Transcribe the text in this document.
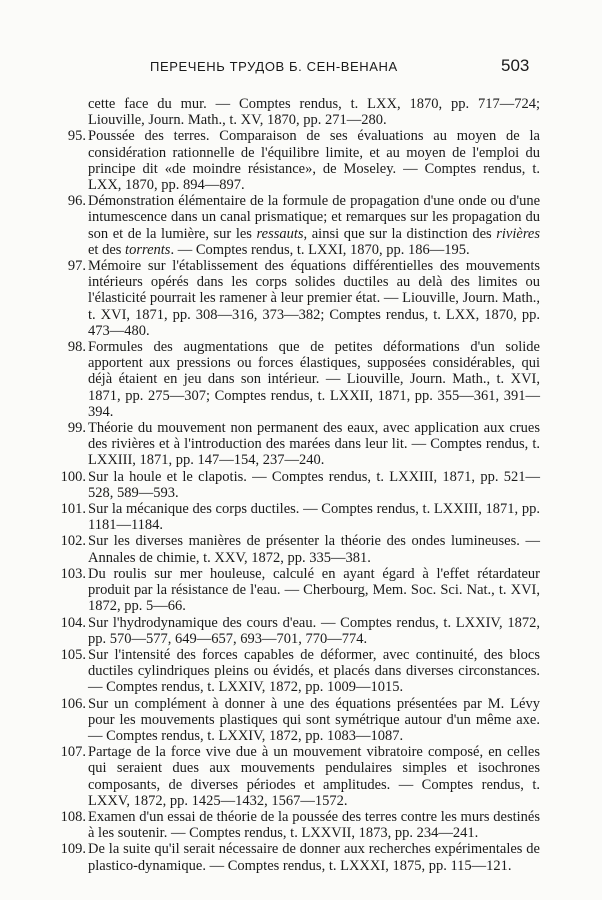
ПЕРЕЧЕНЬ ТРУДОВ Б. СЕН-ВЕНАНА	503
cette face du mur. — Comptes rendus, t. LXX, 1870, pp. 717—724; Liouville, Journ. Math., t. XV, 1870, pp. 271—280.
95 . Poussée des terres. Comparaison de ses évaluations au moyen de la considération rationnelle de l'équilibre limite, et au moyen de l'emploi du principe dit «de moindre résistance», de Moseley. — Comptes rendus, t. LXX, 1870, pp. 894—897.
96 . Démonstration élémentaire de la formule de propagation d'une onde ou d'une intumescence dans un canal prismatique; et remarques sur les propagation du son et de la lumière, sur les ressauts, ainsi que sur la distinction des rivières et des torrents. — Comptes rendus, t. LXXI, 1870, pp. 186—195.
97 . Mémoire sur l'établissement des équations différentielles des mouvements intérieurs opérés dans les corps solides ductiles au delà des limites ou l'élasticité pourrait les ramener à leur premier état. — Liouville, Journ. Math., t. XVI, 1871, pp. 308—316, 373—382; Comptes rendus, t. LXX, 1870, pp. 473—480.
98 . Formules des augmentations que de petites déformations d'un solide apportent aux pressions ou forces élastiques, supposées considérables, qui déjà étaient en jeu dans son intérieur. — Liouville, Journ. Math., t. XVI, 1871, pp. 275—307; Comptes rendus, t. LXXII, 1871, pp. 355—361, 391—394.
99 . Théorie du mouvement non permanent des eaux, avec application aux crues des rivières et à l'introduction des marées dans leur lit. — Comptes rendus, t. LXXIII, 1871, pp. 147—154, 237—240.
100 . Sur la houle et le clapotis. — Comptes rendus, t. LXXIII, 1871, pp. 521—528, 589—593.
101 . Sur la mécanique des corps ductiles. — Comptes rendus, t. LXXIII, 1871, pp. 1181—1184.
102 . Sur les diverses manières de présenter la théorie des ondes lumineuses. — Annales de chimie, t. XXV, 1872, pp. 335—381.
103 . Du roulis sur mer houleuse, calculé en ayant égard à l'effet rétardateur produit par la résistance de l'eau. — Cherbourg, Mem. Soc. Sci. Nat., t. XVI, 1872, pp. 5—66.
104 . Sur l'hydrodynamique des cours d'eau. — Comptes rendus, t. LXXIV, 1872, pp. 570—577, 649—657, 693—701, 770—774.
105 . Sur l'intensité des forces capables de déformer, avec continuité, des blocs ductiles cylindriques pleins ou évidés, et placés dans diverses circonstances. — Comptes rendus, t. LXXIV, 1872, pp. 1009—1015.
106 . Sur un complément à donner à une des équations présentées par M. Lévy pour les mouvements plastiques qui sont symétrique autour d'un même axe. — Comptes rendus, t. LXXIV, 1872, pp. 1083—1087.
107 . Partage de la force vive due à un mouvement vibratoire composé, en celles qui seraient dues aux mouvements pendulaires simples et isochrones composants, de diverses périodes et amplitudes. — Comptes rendus, t. LXXV, 1872, pp. 1425—1432, 1567—1572.
108 . Examen d'un essai de théorie de la poussée des terres contre les murs destinés à les soutenir. — Comptes rendus, t. LXXVII, 1873, pp. 234—241.
109 . De la suite qu'il serait nécessaire de donner aux recherches expérimentales de plastico-dynamique. — Comptes rendus, t. LXXXI, 1875, pp. 115—121.
